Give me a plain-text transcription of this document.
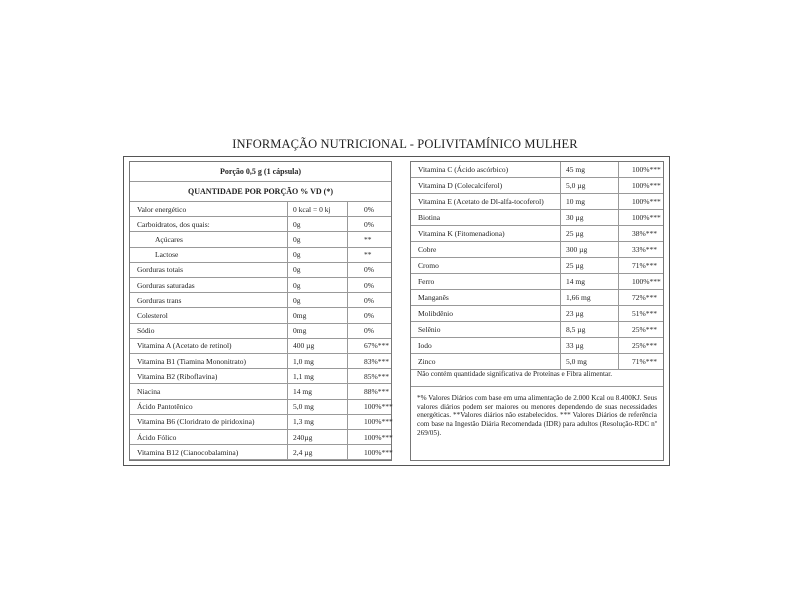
INFORMAÇÃO NUTRICIONAL - POLIVITAMÍNICO MULHER
Porção 0,5 g (1 cápsula)
QUANTIDADE POR PORÇÃO % VD (*)
Valor energético	0 kcal = 0 kj	0%
Carboidratos, dos quais:	0g	0%
Açúcares	0g	**
Lactose	0g	**
Gorduras totais	0g	0%
Gorduras saturadas	0g	0%
Gorduras trans	0g	0%
Colesterol	0mg	0%
Sódio	0mg	0%
Vitamina A (Acetato de retinol)	400 µg	67%***
Vitamina B1 (Tiamina Mononitrato)	1,0 mg	83%***
Vitamina B2 (Riboflavina)	1,1 mg	85%***
Niacina	14 mg	88%***
Ácido Pantotênico	5,0 mg	100%***
Vitamina B6 (Cloridrato de piridoxina)	1,3 mg	100%***
Ácido Fólico	240µg	100%***
Vitamina B12 (Cianocobalamina)	2,4 µg	100%***
Vitamina C (Ácido ascórbico)	45 mg	100%***
Vitamina D (Colecalciferol)	5,0 µg	100%***
Vitamina E (Acetato de Dl-alfa-tocoferol)	10 mg	100%***
Biotina	30 µg	100%***
Vitamina K (Fitomenadiona)	25 µg	38%***
Cobre	300 µg	33%***
Cromo	25 µg	71%***
Ferro	14 mg	100%***
Manganês	1,66 mg	72%***
Molibdênio	23 µg	51%***
Selênio	8,5 µg	25%***
Iodo	33 µg	25%***
Zinco	5,0 mg	71%***
Não contém quantidade significativa de Proteínas e Fibra alimentar.
*% Valores Diários com base em uma alimentação de 2.000 Kcal ou 8.400KJ. Seus valores diários podem ser maiores ou menores dependendo de suas necessidades energéticas. **Valores diários não estabelecidos. *** Valores Diários de referência com base na Ingestão Diária Recomendada (IDR) para adultos (Resolução-RDC nº 269/05).
